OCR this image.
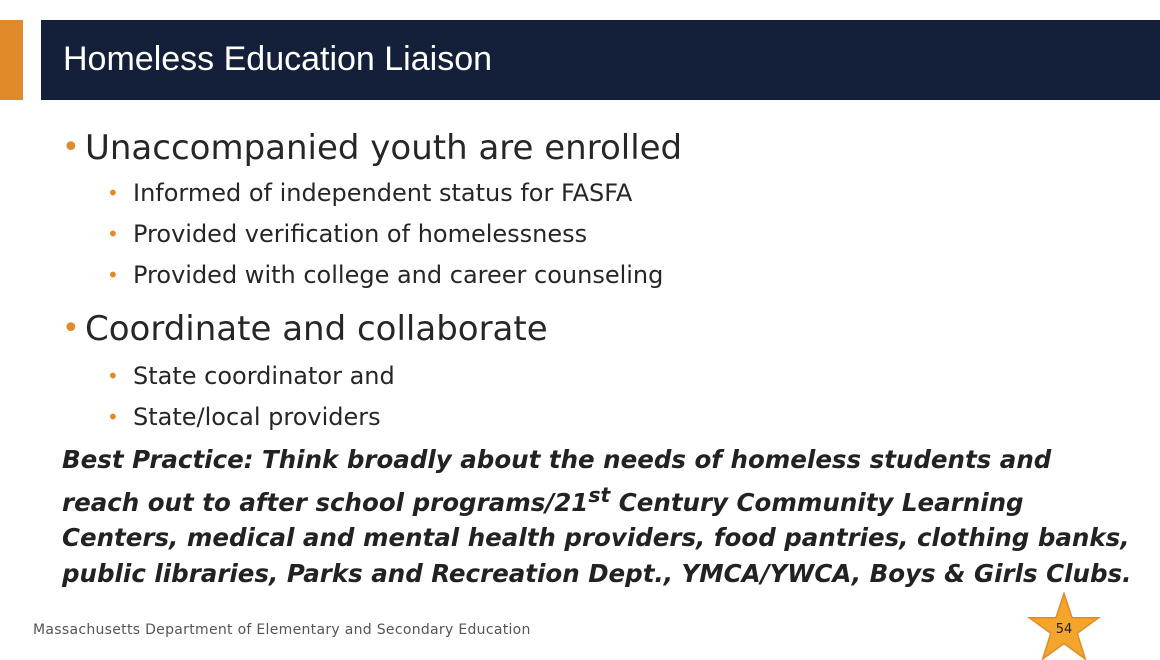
Homeless Education Liaison
• Unaccompanied youth are enrolled
• Informed of independent status for FASFA
• Provided verification of homelessness
• Provided with college and career counseling
• Coordinate and collaborate
• State coordinator and
• State/local providers
Best Practice: Think broadly about the needs of homeless students and reach out to after school programs/21st Century Community Learning Centers, medical and mental health providers, food pantries, clothing banks, public libraries, Parks and Recreation Dept., YMCA/YWCA, Boys & Girls Clubs.
Massachusetts Department of Elementary and Secondary Education	54
